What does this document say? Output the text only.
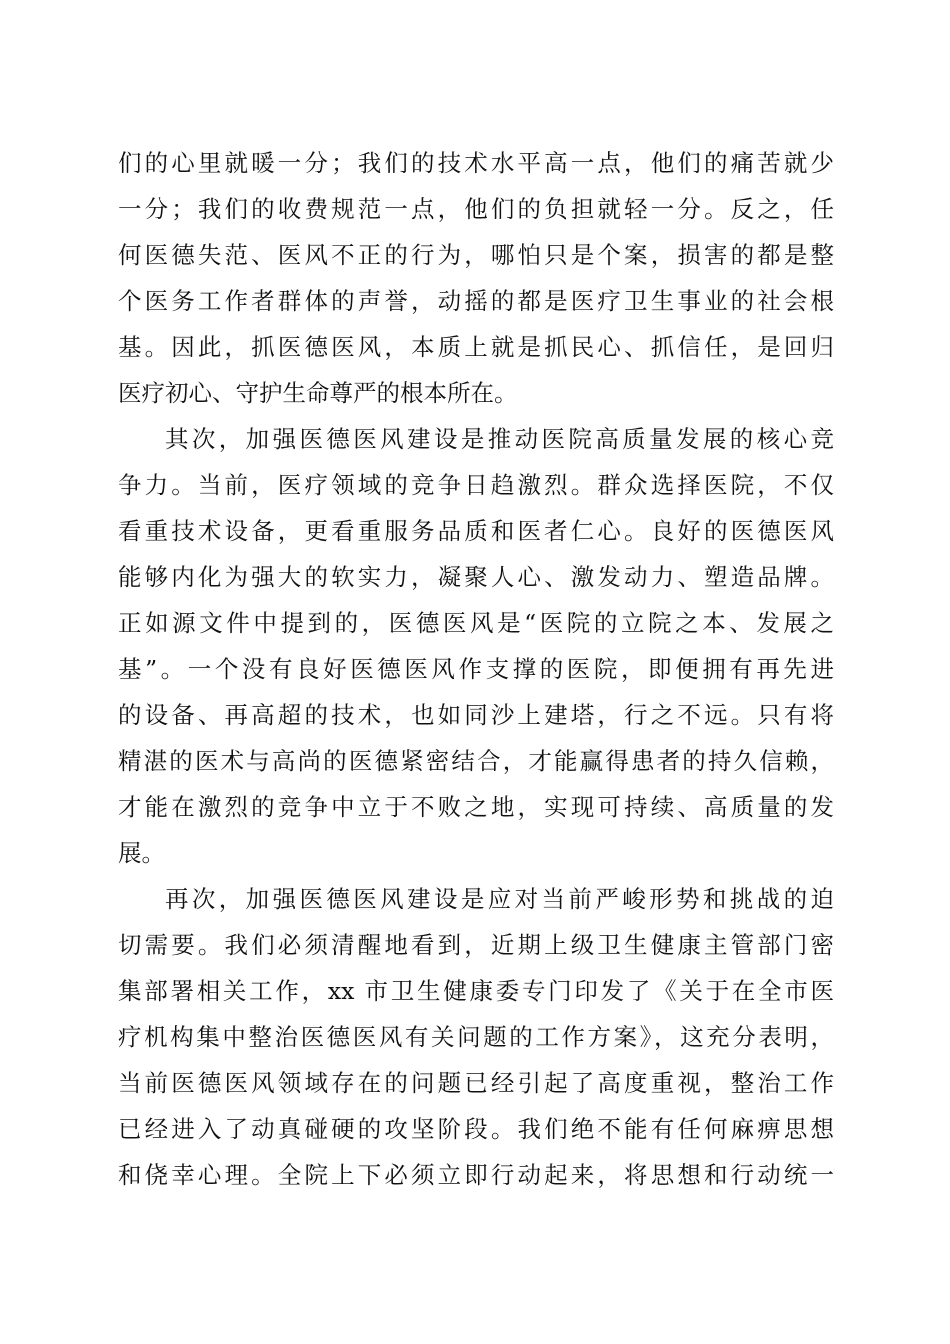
们的心里就暖一分；我们的技术水平高一点，他们的痛苦就少
一分；我们的收费规范一点，他们的负担就轻一分。反之，任
何医德失范、医风不正的行为，哪怕只是个案，损害的都是整
个医务工作者群体的声誉，动摇的都是医疗卫生事业的社会根
基。因此，抓医德医风，本质上就是抓民心、抓信任，是回归
医疗初心、守护生命尊严的根本所在。
其次，加强医德医风建设是推动医院高质量发展的核心竞
争力。当前，医疗领域的竞争日趋激烈。群众选择医院，不仅
看重技术设备，更看重服务品质和医者仁心。良好的医德医风
能够内化为强大的软实力，凝聚人心、激发动力、塑造品牌。
正如源文件中提到的，医德医风是“医院的立院之本、发展之
基”。一个没有良好医德医风作支撑的医院，即便拥有再先进
的设备、再高超的技术，也如同沙上建塔，行之不远。只有将
精湛的医术与高尚的医德紧密结合，才能赢得患者的持久信赖，
才能在激烈的竞争中立于不败之地，实现可持续、高质量的发
展。
再次，加强医德医风建设是应对当前严峻形势和挑战的迫
切需要。我们必须清醒地看到，近期上级卫生健康主管部门密
集部署相关工作，xx 市卫生健康委专门印发了《关于在全市医
疗机构集中整治医德医风有关问题的工作方案》，这充分表明，
当前医德医风领域存在的问题已经引起了高度重视，整治工作
已经进入了动真碰硬的攻坚阶段。我们绝不能有任何麻痹思想
和侥幸心理。全院上下必须立即行动起来，将思想和行动统一
